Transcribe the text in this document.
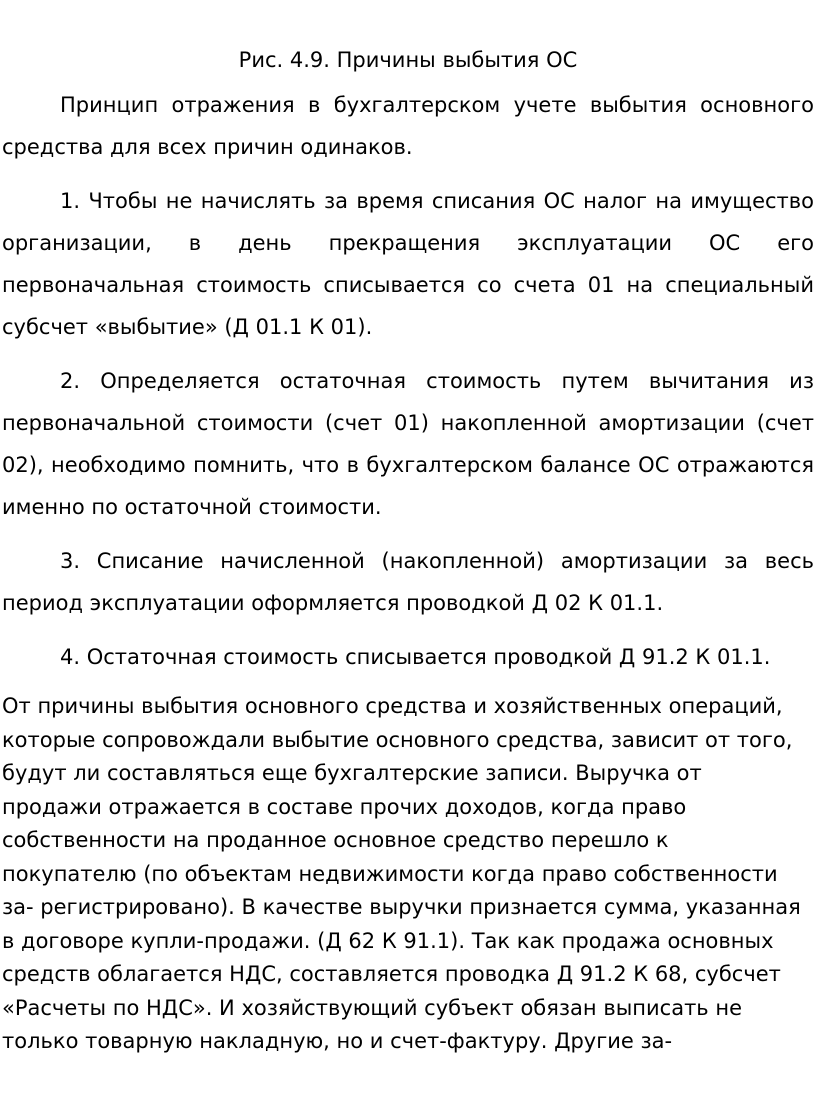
Рис. 4.9. Причины выбытия ОС

Принцип отражения в бухгалтерском учете выбытия основного средства для всех причин одинаков.

1. Чтобы не начислять за время списания ОС налог на имущество организации, в день прекращения эксплуатации ОС его первоначальная стоимость списывается со счета 01 на специальный субсчет «выбытие» (Д 01.1 К 01).

2. Определяется остаточная стоимость путем вычитания из первоначальной стоимости (счет 01) накопленной амортизации (счет 02), необходимо помнить, что в бухгалтерском балансе ОС отражаются именно по остаточной стоимости.

3. Списание начисленной (накопленной) амортизации за весь период эксплуатации оформляется проводкой Д 02 К 01.1.

4. Остаточная стоимость списывается проводкой Д 91.2 К 01.1.

От причины выбытия основного средства и хозяйственных операций, которые сопровождали выбытие основного средства, зависит от того, будут ли составляться еще бухгалтерские записи. Выручка от продажи отражается в составе прочих доходов, когда право собственности на проданное основное средство перешло к покупателю (по объектам недвижимости когда право собственности за- регистрировано). В качестве выручки признается сумма, указанная в договоре купли-продажи. (Д 62 К 91.1). Так как продажа основных средств облагается НДС, составляется проводка Д 91.2 К 68, субсчет «Расчеты по НДС». И хозяйствующий субъект обязан выписать не только товарную накладную, но и счет-фактуру. Другие за-
